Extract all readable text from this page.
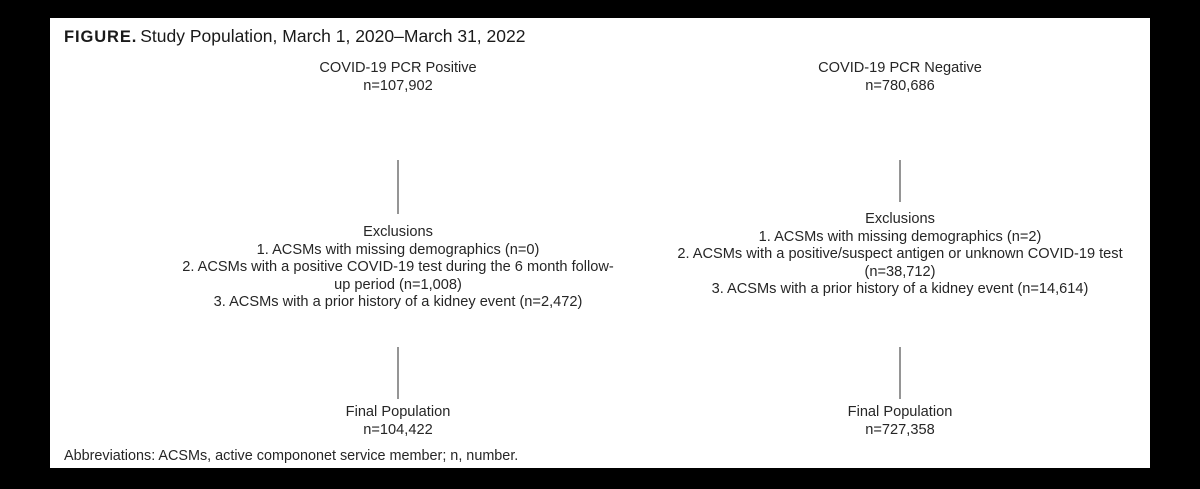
FIGURE. Study Population, March 1, 2020–March 31, 2022
COVID-19 PCR Positive
n=107,902
Exclusions
1. ACSMs with missing demographics (n=0)
2. ACSMs with a positive COVID-19 test during the 6 month follow-up period (n=1,008)
3. ACSMs with a prior history of a kidney event (n=2,472)
Final Population
n=104,422
COVID-19 PCR Negative
n=780,686
Exclusions
1. ACSMs with missing demographics (n=2)
2. ACSMs with a positive/suspect antigen or unknown COVID-19 test (n=38,712)
3. ACSMs with a prior history of a kidney event (n=14,614)
Final Population
n=727,358
Abbreviations: ACSMs, active compononet service member; n, number.
